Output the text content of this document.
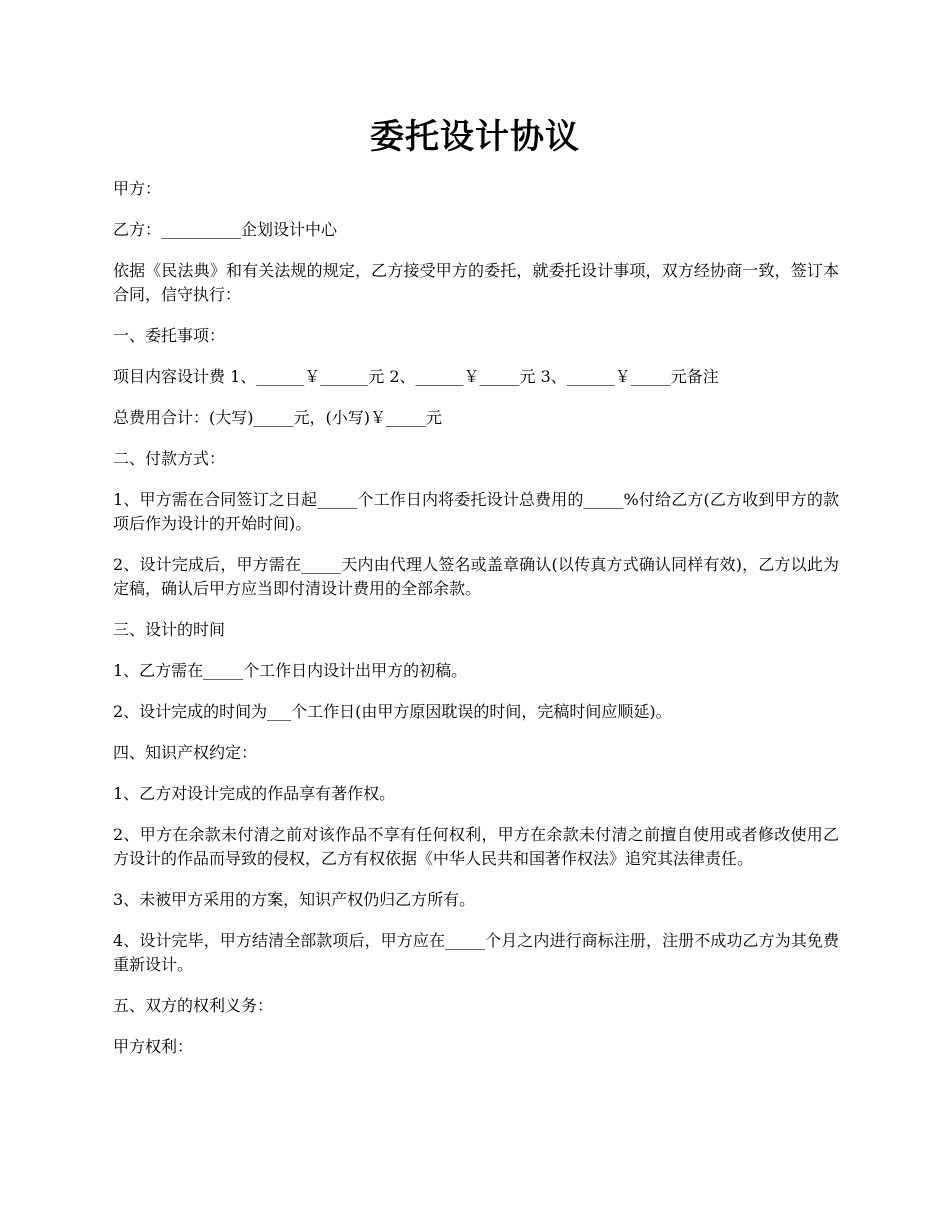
委托设计协议

甲方：

乙方：__________企划设计中心

依据《民法典》和有关法规的规定，乙方接受甲方的委托，就委托设计事项，双方经协商一致，签订本合同，信守执行：

一、委托事项：

项目内容设计费 1、______￥______元 2、______￥_____元 3、______￥_____元备注

总费用合计：(大写)_____元，(小写)￥_____元

二、付款方式：

1、甲方需在合同签订之日起_____个工作日内将委托设计总费用的_____%付给乙方(乙方收到甲方的款项后作为设计的开始时间)。

2、设计完成后，甲方需在_____天内由代理人签名或盖章确认(以传真方式确认同样有效)，乙方以此为定稿，确认后甲方应当即付清设计费用的全部余款。

三、设计的时间

1、乙方需在_____个工作日内设计出甲方的初稿。

2、设计完成的时间为___个工作日(由甲方原因耽误的时间，完稿时间应顺延)。

四、知识产权约定：

1、乙方对设计完成的作品享有著作权。

2、甲方在余款未付清之前对该作品不享有任何权利，甲方在余款未付清之前擅自使用或者修改使用乙方设计的作品而导致的侵权，乙方有权依据《中华人民共和国著作权法》追究其法律责任。

3、未被甲方采用的方案，知识产权仍归乙方所有。

4、设计完毕，甲方结清全部款项后，甲方应在_____个月之内进行商标注册，注册不成功乙方为其免费重新设计。

五、双方的权利义务：

甲方权利：
